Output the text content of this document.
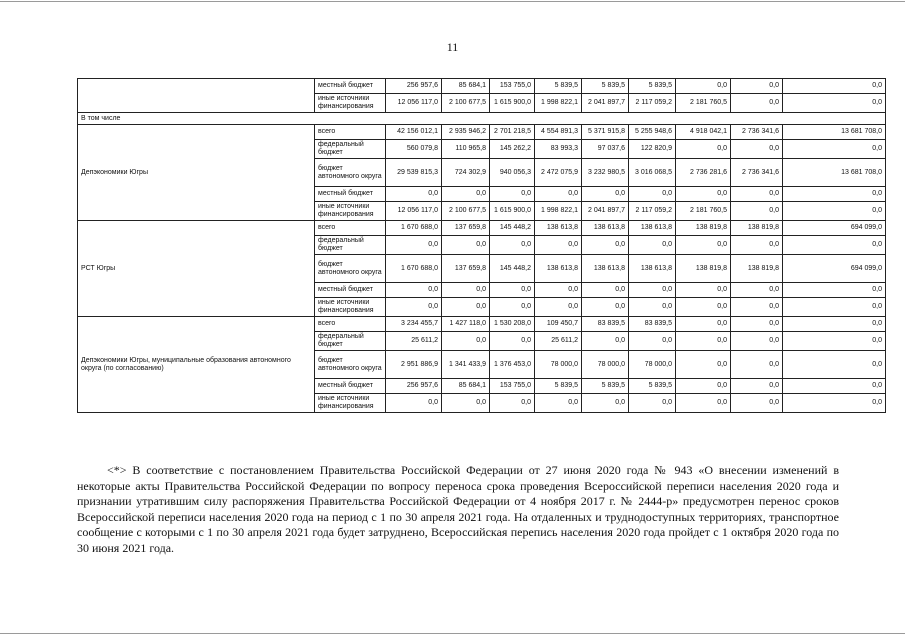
11
	местный бюджет	256 957,6	85 684,1	153 755,0	5 839,5	5 839,5	5 839,5	0,0	0,0	0,0
	иные источники финансирования	12 056 117,0	2 100 677,5	1 615 900,0	1 998 822,1	2 041 897,7	2 117 059,2	2 181 760,5	0,0	0,0
В том числе										
Депэкономики Югры	всего	42 156 012,1	2 935 946,2	2 701 218,5	4 554 891,3	5 371 915,8	5 255 948,6	4 918 042,1	2 736 341,6	13 681 708,0
	федеральный бюджет	560 079,8	110 965,8	145 262,2	83 993,3	97 037,6	122 820,9	0,0	0,0	0,0
	бюджет автономного округа	29 539 815,3	724 302,9	940 056,3	2 472 075,9	3 232 980,5	3 016 068,5	2 736 281,6	2 736 341,6	13 681 708,0
	местный бюджет	0,0	0,0	0,0	0,0	0,0	0,0	0,0	0,0	0,0
	иные источники финансирования	12 056 117,0	2 100 677,5	1 615 900,0	1 998 822,1	2 041 897,7	2 117 059,2	2 181 760,5	0,0	0,0
РСТ Югры	всего	1 670 688,0	137 659,8	145 448,2	138 613,8	138 613,8	138 613,8	138 819,8	138 819,8	694 099,0
	федеральный бюджет	0,0	0,0	0,0	0,0	0,0	0,0	0,0	0,0	0,0
	бюджет автономного округа	1 670 688,0	137 659,8	145 448,2	138 613,8	138 613,8	138 613,8	138 819,8	138 819,8	694 099,0
	местный бюджет	0,0	0,0	0,0	0,0	0,0	0,0	0,0	0,0	0,0
	иные источники финансирования	0,0	0,0	0,0	0,0	0,0	0,0	0,0	0,0	0,0
Депэкономики Югры, муниципальные образования автономного округа (по согласованию)	всего	3 234 455,7	1 427 118,0	1 530 208,0	109 450,7	83 839,5	83 839,5	0,0	0,0	0,0
	федеральный бюджет	25 611,2	0,0	0,0	25 611,2	0,0	0,0	0,0	0,0	0,0
	бюджет автономного округа	2 951 886,9	1 341 433,9	1 376 453,0	78 000,0	78 000,0	78 000,0	0,0	0,0	0,0
	местный бюджет	256 957,6	85 684,1	153 755,0	5 839,5	5 839,5	5 839,5	0,0	0,0	0,0
	иные источники финансирования	0,0	0,0	0,0	0,0	0,0	0,0	0,0	0,0	0,0

<*> В соответствие с постановлением Правительства Российской Федерации от 27 июня 2020 года № 943 «О внесении изменений в некоторые акты Правительства Российской Федерации по вопросу переноса срока проведения Всероссийской переписи населения 2020 года и признании утратившим силу распоряжения Правительства Российской Федерации от 4 ноября 2017 г. № 2444-р» предусмотрен перенос сроков Всероссийской переписи населения 2020 года на период с 1 по 30 апреля 2021 года. На отдаленных и труднодоступных территориях, транспортное сообщение с которыми с 1 по 30 апреля 2021 года будет затруднено, Всероссийская перепись населения 2020 года пройдет с 1 октября 2020 года по 30 июня 2021 года.
